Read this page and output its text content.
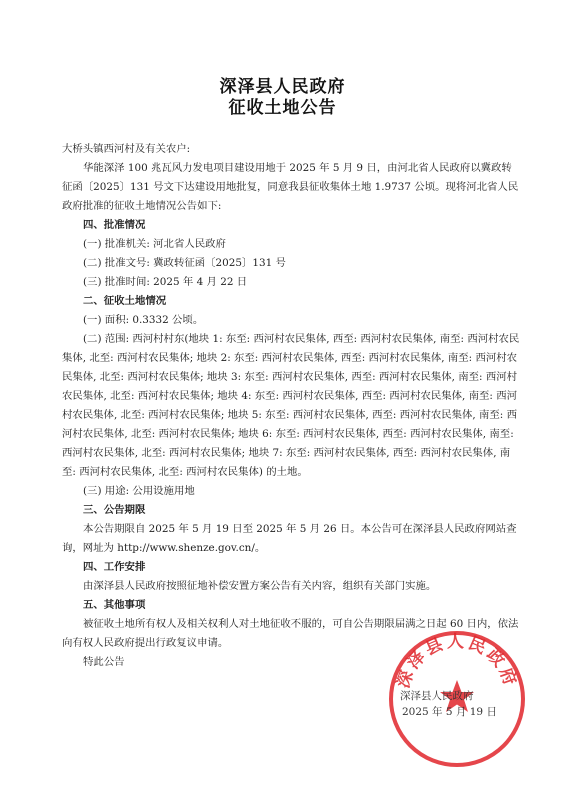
深泽县人民政府
征收土地公告

大桥头镇西河村及有关农户:

华能深泽 100 兆瓦风力发电项目建设用地于 2025 年 5 月 9 日，由河北省人民政府以冀政转征函〔2025〕131 号文下达建设用地批复，同意我县征收集体土地 1.9737 公顷。现将河北省人民政府批准的征收土地情况公告如下:

四、批准情况

(一) 批准机关: 河北省人民政府

(二) 批准文号: 冀政转征函〔2025〕131 号

(三) 批准时间: 2025 年 4 月 22 日

二、征收土地情况

(一) 面积: 0.3332 公顷。

(二) 范围: 西河村村东(地块 1: 东至: 西河村农民集体, 西至: 西河村农民集体, 南至: 西河村农民集体, 北至: 西河村农民集体; 地块 2: 东至: 西河村农民集体, 西至: 西河村农民集体, 南至: 西河村农民集体, 北至: 西河村农民集体; 地块 3: 东至: 西河村农民集体, 西至: 西河村农民集体, 南至: 西河村农民集体, 北至: 西河村农民集体; 地块 4: 东至: 西河村农民集体, 西至: 西河村农民集体, 南至: 西河村农民集体, 北至: 西河村农民集体; 地块 5: 东至: 西河村农民集体, 西至: 西河村农民集体, 南至: 西河村农民集体, 北至: 西河村农民集体; 地块 6: 东至: 西河村农民集体, 西至: 西河村农民集体, 南至: 西河村农民集体, 北至: 西河村农民集体; 地块 7: 东至: 西河村农民集体, 西至: 西河村农民集体, 南至: 西河村农民集体, 北至: 西河村农民集体) 的土地。

(三) 用途: 公用设施用地

三、公告期限

本公告期限自 2025 年 5 月 19 日至 2025 年 5 月 26 日。本公告可在深泽县人民政府网站查询，网址为 http://www.shenze.gov.cn/。

四、工作安排

由深泽县人民政府按照征地补偿安置方案公告有关内容，组织有关部门实施。

五、其他事项

被征收土地所有权人及相关权利人对土地征收不服的，可自公告期限届满之日起 60 日内，依法向有权人民政府提出行政复议申请。

特此公告

深泽县人民政府
深泽县人民政府
2025 年 5 月 19 日
